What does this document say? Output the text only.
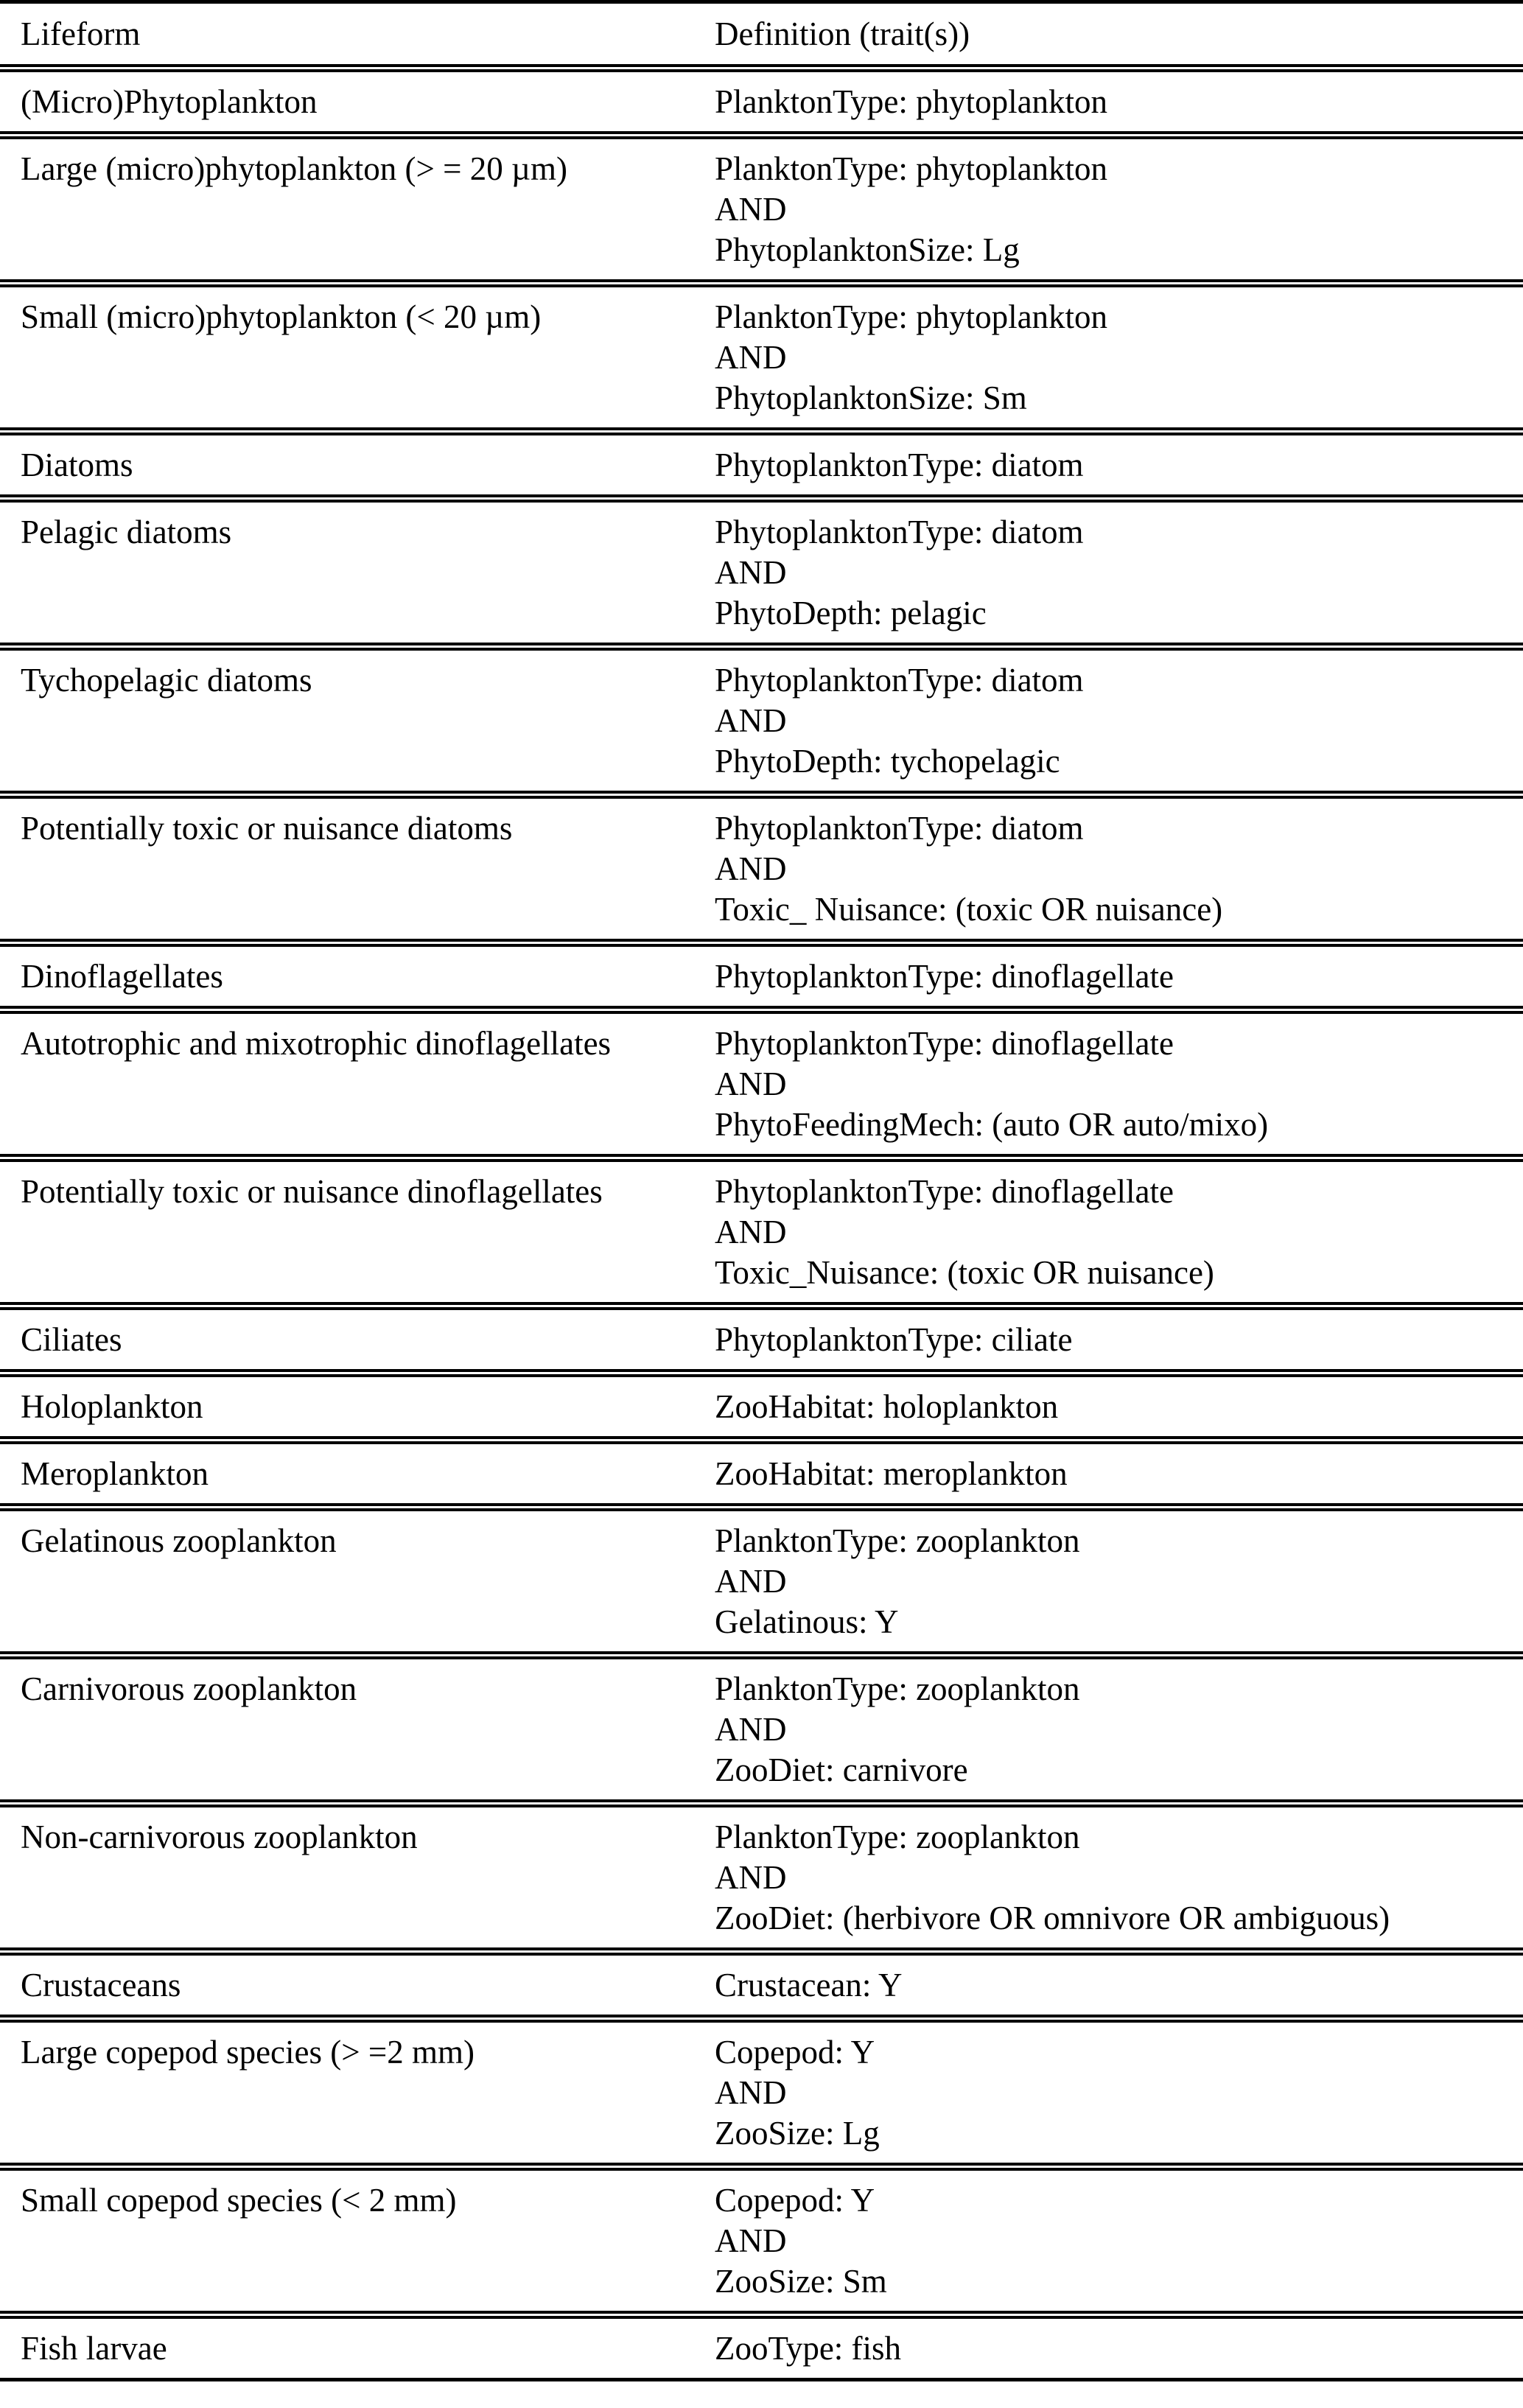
Lifeform	Definition (trait(s))
(Micro)Phytoplankton	PlanktonType: phytoplankton

Large (micro)phytoplankton (> = 20 µm)	PlanktonType: phytoplankton
AND
PhytoplanktonSize: Lg

Small (micro)phytoplankton (< 20 µm)	PlanktonType: phytoplankton
AND
PhytoplanktonSize: Sm

Diatoms	PhytoplanktonType: diatom

Pelagic diatoms	PhytoplanktonType: diatom
AND
PhytoDepth: pelagic

Tychopelagic diatoms	PhytoplanktonType: diatom
AND
PhytoDepth: tychopelagic

Potentially toxic or nuisance diatoms	PhytoplanktonType: diatom
AND
Toxic_ Nuisance: (toxic OR nuisance)

Dinoflagellates	PhytoplanktonType: dinoflagellate

Autotrophic and mixotrophic dinoflagellates	PhytoplanktonType: dinoflagellate
AND
PhytoFeedingMech: (auto OR auto/mixo)

Potentially toxic or nuisance dinoflagellates	PhytoplanktonType: dinoflagellate
AND
Toxic_Nuisance: (toxic OR nuisance)

Ciliates	PhytoplanktonType: ciliate

Holoplankton	ZooHabitat: holoplankton

Meroplankton	ZooHabitat: meroplankton

Gelatinous zooplankton	PlanktonType: zooplankton
AND
Gelatinous: Y

Carnivorous zooplankton	PlanktonType: zooplankton
AND
ZooDiet: carnivore

Non-carnivorous zooplankton	PlanktonType: zooplankton
AND
ZooDiet: (herbivore OR omnivore OR ambiguous)

Crustaceans	Crustacean: Y

Large copepod species (> =2 mm)	Copepod: Y
AND
ZooSize: Lg

Small copepod species (< 2 mm)	Copepod: Y
AND
ZooSize: Sm

Fish larvae	ZooType: fish
